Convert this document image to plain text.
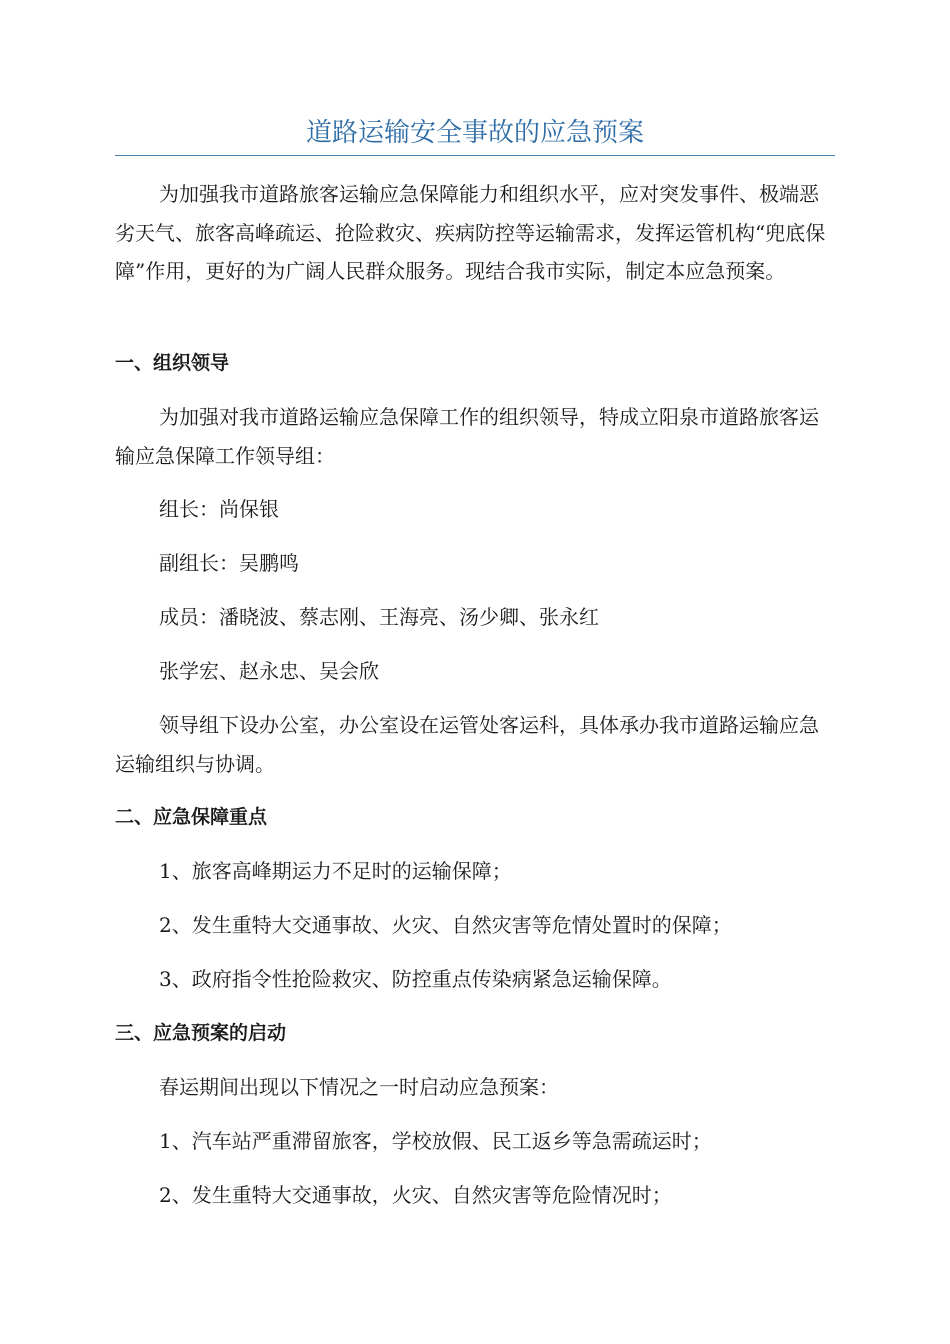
道路运输安全事故的应急预案

为加强我市道路旅客运输应急保障能力和组织水平，应对突发事件、极端恶劣天气、旅客高峰疏运、抢险救灾、疾病防控等运输需求，发挥运管机构“兜底保障”作用，更好的为广阔人民群众服务。现结合我市实际，制定本应急预案。

一、组织领导

为加强对我市道路运输应急保障工作的组织领导，特成立阳泉市道路旅客运输应急保障工作领导组：

组长：尚保银

副组长：吴鹏鸣

成员：潘晓波、蔡志刚、王海亮、汤少卿、张永红

张学宏、赵永忠、吴会欣

领导组下设办公室，办公室设在运管处客运科，具体承办我市道路运输应急运输组织与协调。

二、应急保障重点

1、旅客高峰期运力不足时的运输保障；

2、发生重特大交通事故、火灾、自然灾害等危情处置时的保障；

3、政府指令性抢险救灾、防控重点传染病紧急运输保障。

三、应急预案的启动

春运期间出现以下情况之一时启动应急预案：

1、汽车站严重滞留旅客，学校放假、民工返乡等急需疏运时；

2、发生重特大交通事故，火灾、自然灾害等危险情况时；
